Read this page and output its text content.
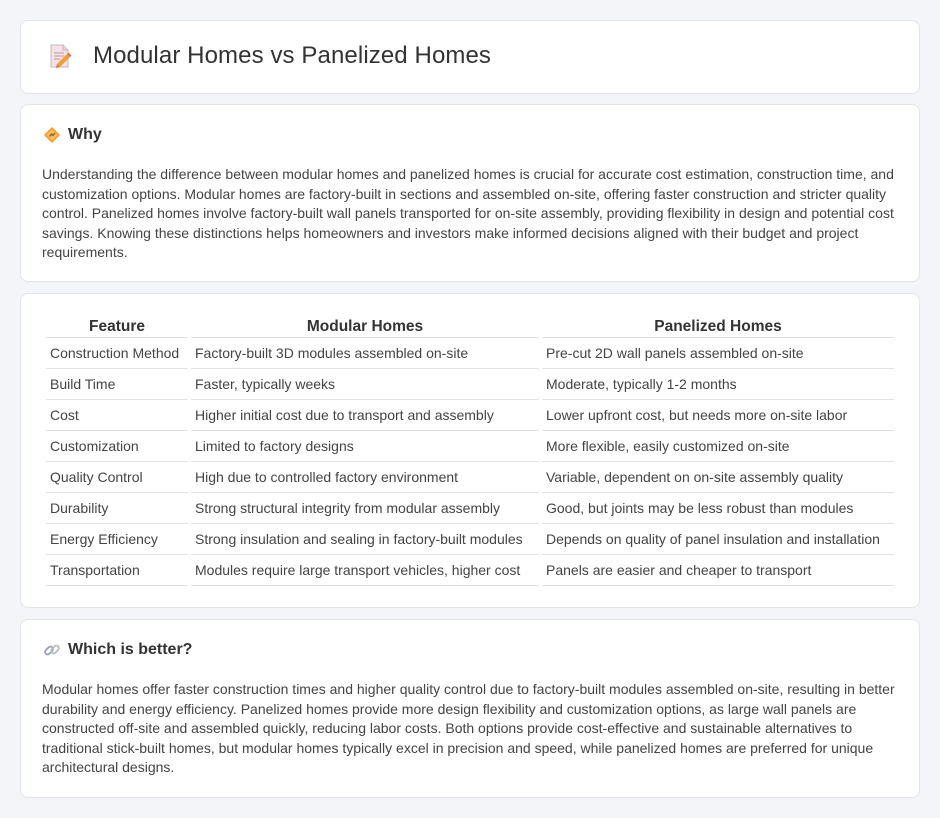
Modular Homes vs Panelized Homes
Why

Understanding the difference between modular homes and panelized homes is crucial for accurate cost estimation, construction time, and customization options. Modular homes are factory-built in sections and assembled on-site, offering faster construction and stricter quality control. Panelized homes involve factory-built wall panels transported for on-site assembly, providing flexibility in design and potential cost savings. Knowing these distinctions helps homeowners and investors make informed decisions aligned with their budget and project requirements.

Feature	Modular Homes	Panelized Homes
Construction Method	Factory-built 3D modules assembled on-site	Pre-cut 2D wall panels assembled on-site
Build Time	Faster, typically weeks	Moderate, typically 1-2 months
Cost	Higher initial cost due to transport and assembly	Lower upfront cost, but needs more on-site labor
Customization	Limited to factory designs	More flexible, easily customized on-site
Quality Control	High due to controlled factory environment	Variable, dependent on on-site assembly quality
Durability	Strong structural integrity from modular assembly	Good, but joints may be less robust than modules
Energy Efficiency	Strong insulation and sealing in factory-built modules	Depends on quality of panel insulation and installation
Transportation	Modules require large transport vehicles, higher cost	Panels are easier and cheaper to transport
Which is better?

Modular homes offer faster construction times and higher quality control due to factory-built modules assembled on-site, resulting in better durability and energy efficiency. Panelized homes provide more design flexibility and customization options, as large wall panels are constructed off-site and assembled quickly, reducing labor costs. Both options provide cost-effective and sustainable alternatives to traditional stick-built homes, but modular homes typically excel in precision and speed, while panelized homes are preferred for unique architectural designs.
